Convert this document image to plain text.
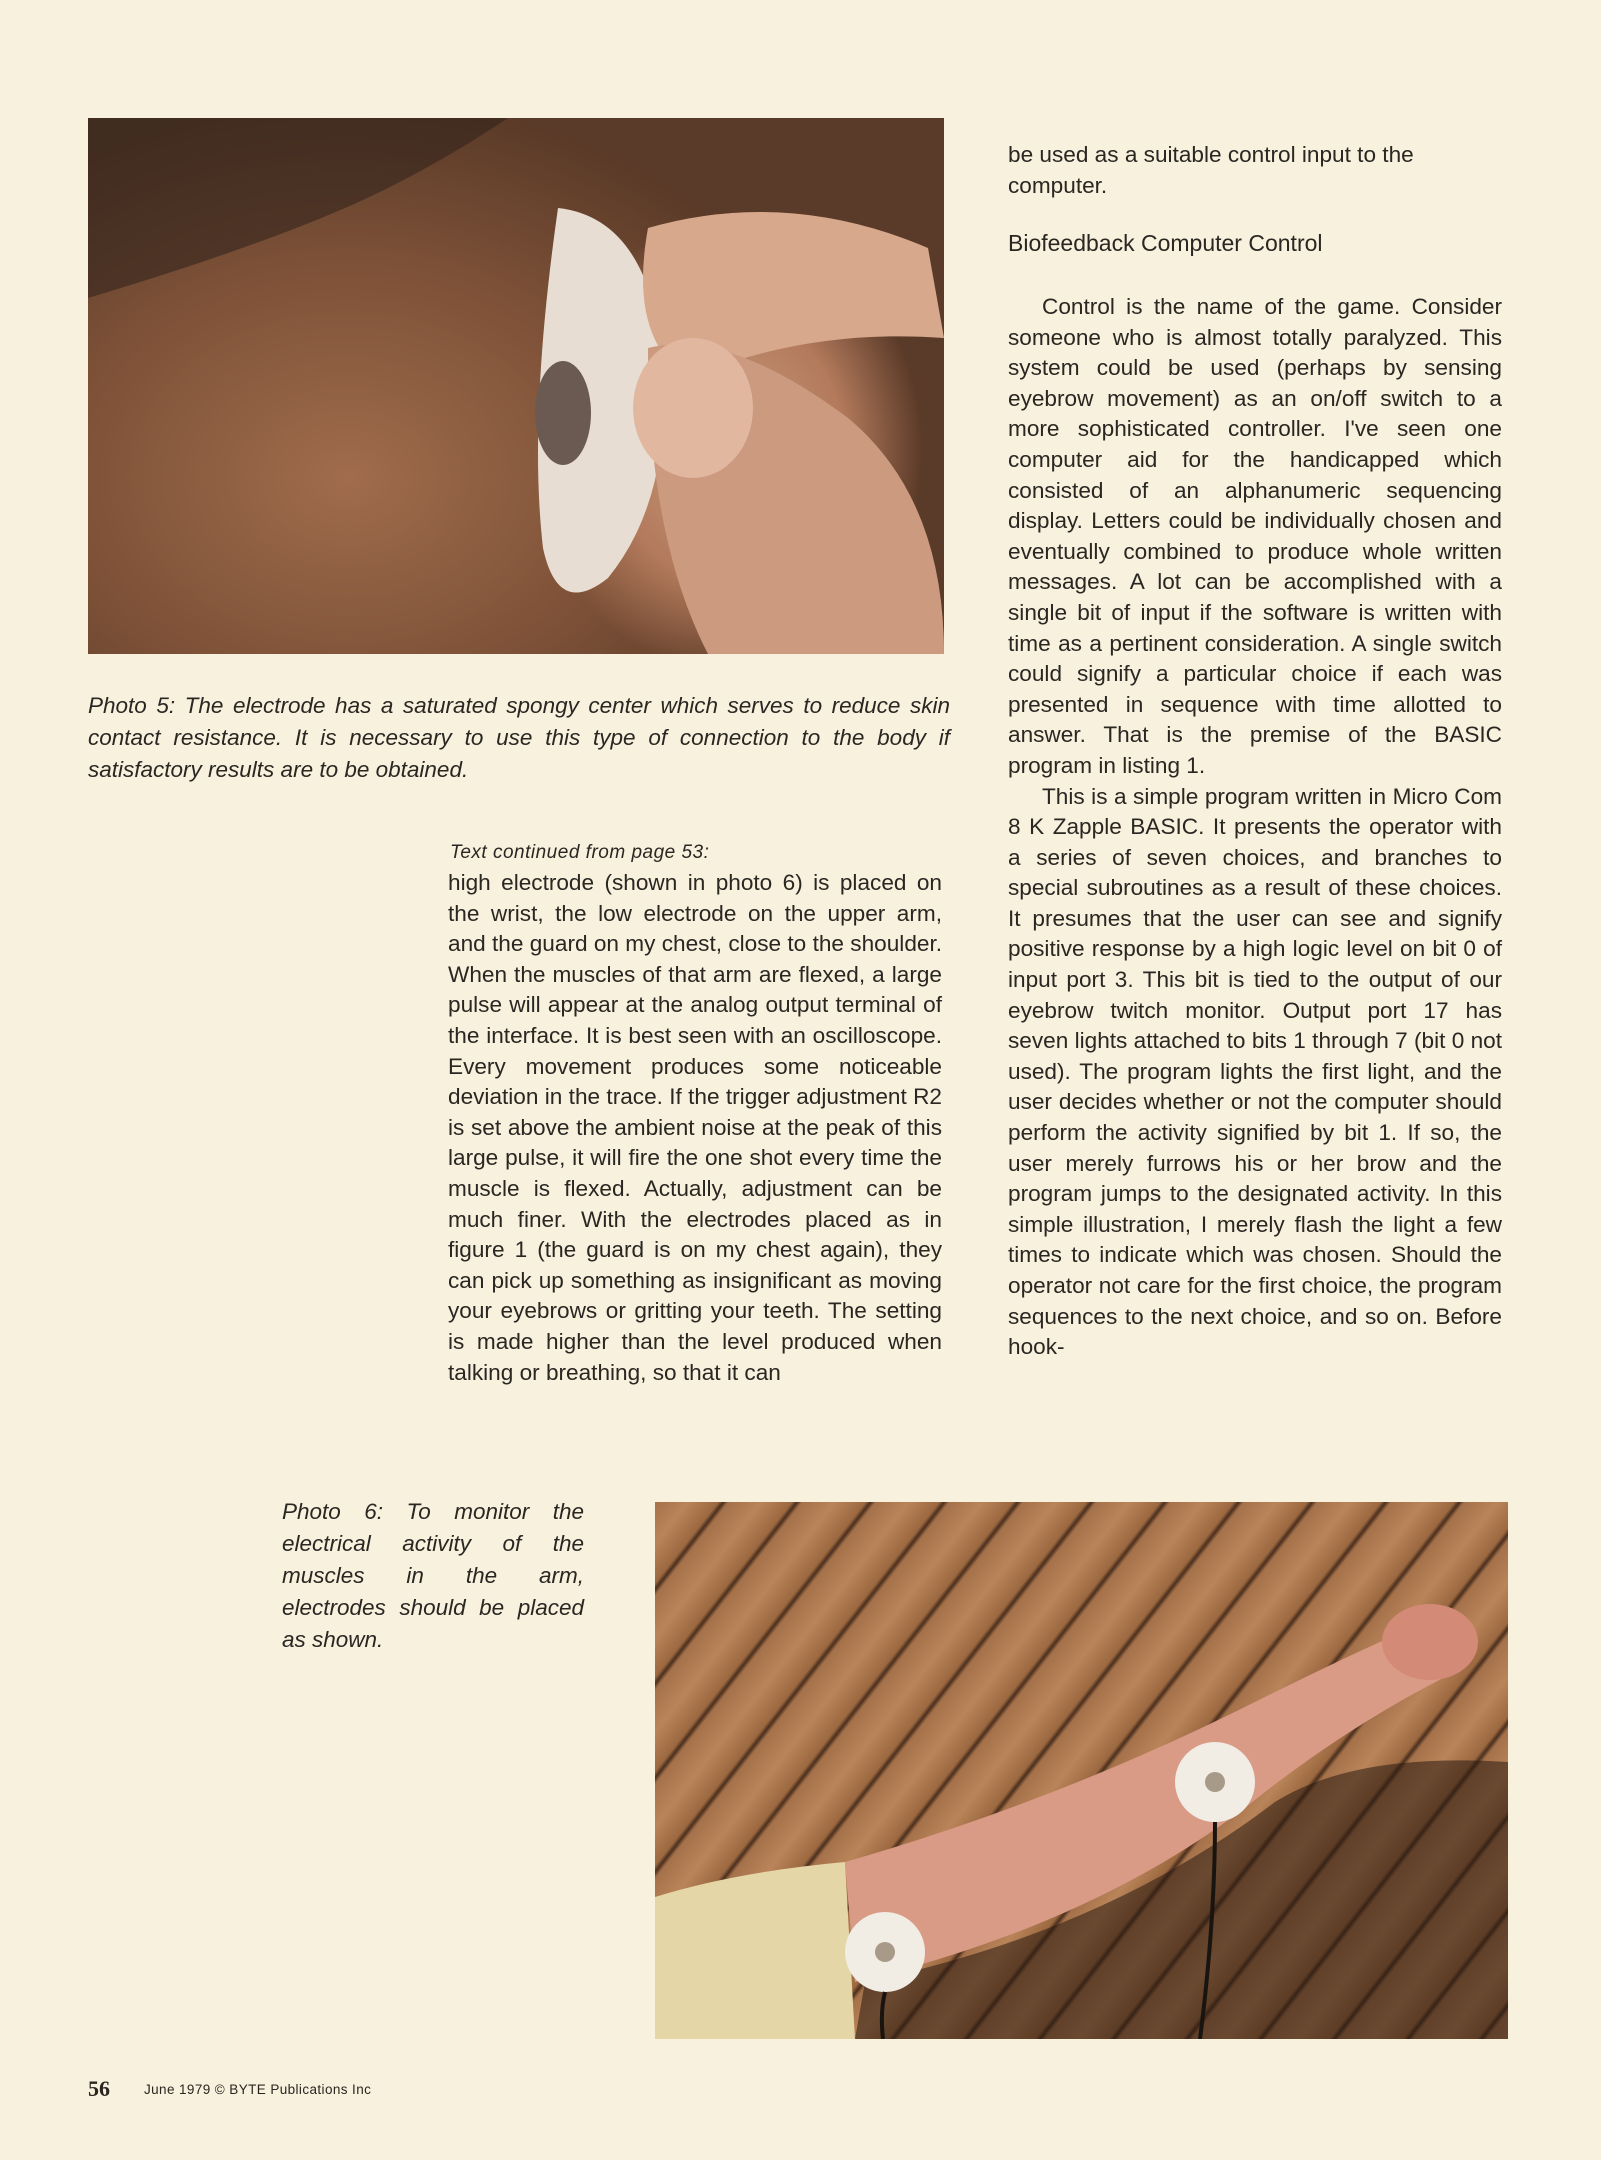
Photo 5: The electrode has a saturated spongy center which serves to reduce skin contact resistance. It is necessary to use this type of connection to the body if satisfactory results are to be obtained.
Text continued from page 53:

high electrode (shown in photo 6) is placed on the wrist, the low electrode on the upper arm, and the guard on my chest, close to the shoulder. When the muscles of that arm are flexed, a large pulse will appear at the analog output terminal of the interface. It is best seen with an oscilloscope. Every movement produces some noticeable deviation in the trace. If the trigger adjustment R2 is set above the ambient noise at the peak of this large pulse, it will fire the one shot every time the muscle is flexed. Actually, adjustment can be much finer. With the electrodes placed as in figure 1 (the guard is on my chest again), they can pick up something as insignificant as moving your eyebrows or gritting your teeth. The setting is made higher than the level produced when talking or breathing, so that it can

be used as a suitable control input to the computer.

Biofeedback Computer Control

Control is the name of the game. Consider someone who is almost totally paralyzed. This system could be used (perhaps by sensing eyebrow movement) as an on/off switch to a more sophisticated controller. I've seen one computer aid for the handicapped which consisted of an alphanumeric sequencing display. Letters could be individually chosen and eventually combined to produce whole written messages. A lot can be accomplished with a single bit of input if the software is written with time as a pertinent consideration. A single switch could signify a particular choice if each was presented in sequence with time allotted to answer. That is the premise of the BASIC program in listing 1.

This is a simple program written in Micro Com 8 K Zapple BASIC. It presents the operator with a series of seven choices, and branches to special subroutines as a result of these choices. It presumes that the user can see and signify positive response by a high logic level on bit 0 of input port 3. This bit is tied to the output of our eyebrow twitch monitor. Output port 17 has seven lights attached to bits 1 through 7 (bit 0 not used). The program lights the first light, and the user decides whether or not the computer should perform the activity signified by bit 1. If so, the user merely furrows his or her brow and the program jumps to the designated activity. In this simple illustration, I merely flash the light a few times to indicate which was chosen. Should the operator not care for the first choice, the program sequences to the next choice, and so on. Before hook-

Photo 6: To monitor the electrical activity of the muscles in the arm, electrodes should be placed as shown.
56	June 1979 © BYTE Publications Inc
